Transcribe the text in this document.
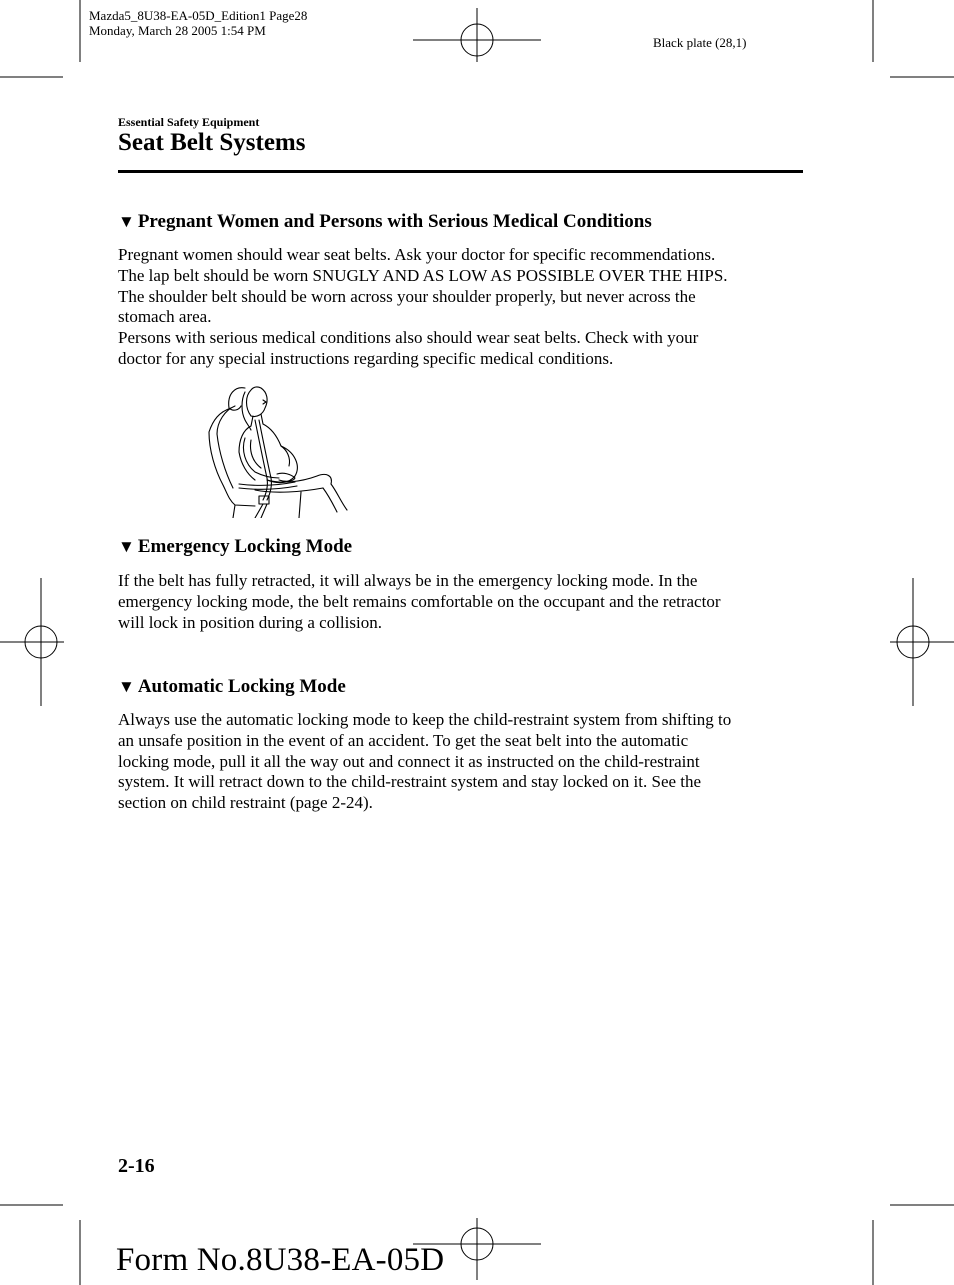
Mazda5_8U38-EA-05D_Edition1 Page28
Monday, March 28 2005 1:54 PM
Black plate (28,1)
Essential Safety Equipment
Seat Belt Systems
▼ Pregnant Women and Persons with Serious Medical Conditions

Pregnant women should wear seat belts. Ask your doctor for specific recommendations.

The lap belt should be worn SNUGLY AND AS LOW AS POSSIBLE OVER THE HIPS.

The shoulder belt should be worn across your shoulder properly, but never across the

stomach area.

Persons with serious medical conditions also should wear seat belts. Check with your

doctor for any special instructions regarding specific medical conditions.

▼ Emergency Locking Mode

If the belt has fully retracted, it will always be in the emergency locking mode. In the

emergency locking mode, the belt remains comfortable on the occupant and the retractor

will lock in position during a collision.

▼ Automatic Locking Mode

Always use the automatic locking mode to keep the child-restraint system from shifting to

an unsafe position in the event of an accident. To get the seat belt into the automatic

locking mode, pull it all the way out and connect it as instructed on the child-restraint

system. It will retract down to the child-restraint system and stay locked on it. See the

section on child restraint (page 2-24).

2-16
Form No.8U38-EA-05D
